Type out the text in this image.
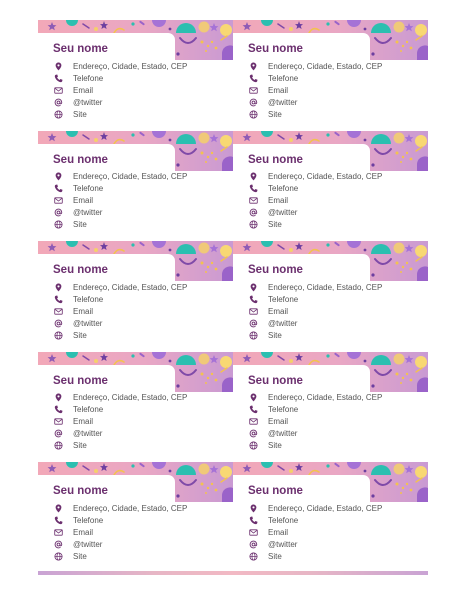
Seu nome
Endereço, Cidade, Estado, CEP
Telefone
Email
@twitter
Site
Seu nome
Endereço, Cidade, Estado, CEP
Telefone
Email
@twitter
Site
Seu nome
Endereço, Cidade, Estado, CEP
Telefone
Email
@twitter
Site
Seu nome
Endereço, Cidade, Estado, CEP
Telefone
Email
@twitter
Site
Seu nome
Endereço, Cidade, Estado, CEP
Telefone
Email
@twitter
Site
Seu nome
Endereço, Cidade, Estado, CEP
Telefone
Email
@twitter
Site
Seu nome
Endereço, Cidade, Estado, CEP
Telefone
Email
@twitter
Site
Seu nome
Endereço, Cidade, Estado, CEP
Telefone
Email
@twitter
Site
Seu nome
Endereço, Cidade, Estado, CEP
Telefone
Email
@twitter
Site
Seu nome
Endereço, Cidade, Estado, CEP
Telefone
Email
@twitter
Site
